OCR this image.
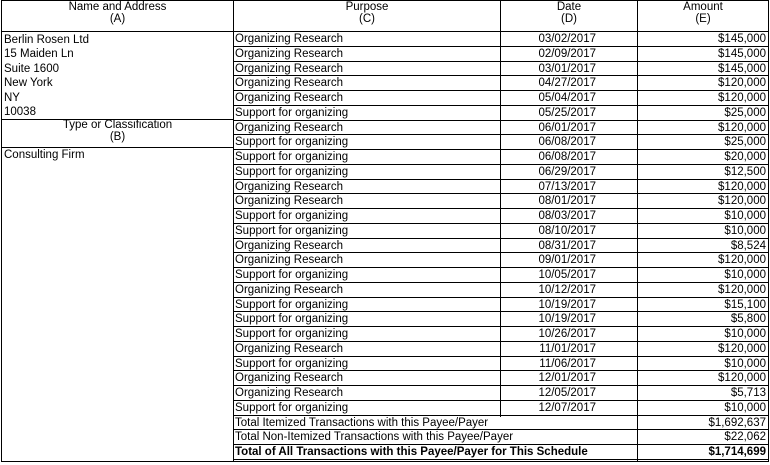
Name and Address
(A)
Purpose
(C)
Date
(D)
Amount
(E)
Berlin Rosen Ltd
15 Maiden Ln
Suite 1600
New York
NY
10038
Type or Classification
(B)
Consulting Firm
Organizing Research	03/02/2017	$145,000
Organizing Research	02/09/2017	$145,000
Organizing Research	03/01/2017	$145,000
Organizing Research	04/27/2017	$120,000
Organizing Research	05/04/2017	$120,000
Support for organizing	05/25/2017	$25,000
Organizing Research	06/01/2017	$120,000
Support for organizing	06/08/2017	$25,000
Support for organizing	06/08/2017	$20,000
Support for organizing	06/29/2017	$12,500
Organizing Research	07/13/2017	$120,000
Organizing Research	08/01/2017	$120,000
Support for organizing	08/03/2017	$10,000
Support for organizing	08/10/2017	$10,000
Organizing Research	08/31/2017	$8,524
Organizing Research	09/01/2017	$120,000
Support for organizing	10/05/2017	$10,000
Organizing Research	10/12/2017	$120,000
Support for organizing	10/19/2017	$15,100
Support for organizing	10/19/2017	$5,800
Support for organizing	10/26/2017	$10,000
Organizing Research	11/01/2017	$120,000
Support for organizing	11/06/2017	$10,000
Organizing Research	12/01/2017	$120,000
Organizing Research	12/05/2017	$5,713
Support for organizing	12/07/2017	$10,000
Total Itemized Transactions with this Payee/Payer	$1,692,637
Total Non-Itemized Transactions with this Payee/Payer	$22,062
Total of All Transactions with this Payee/Payer for This Schedule	$1,714,699
